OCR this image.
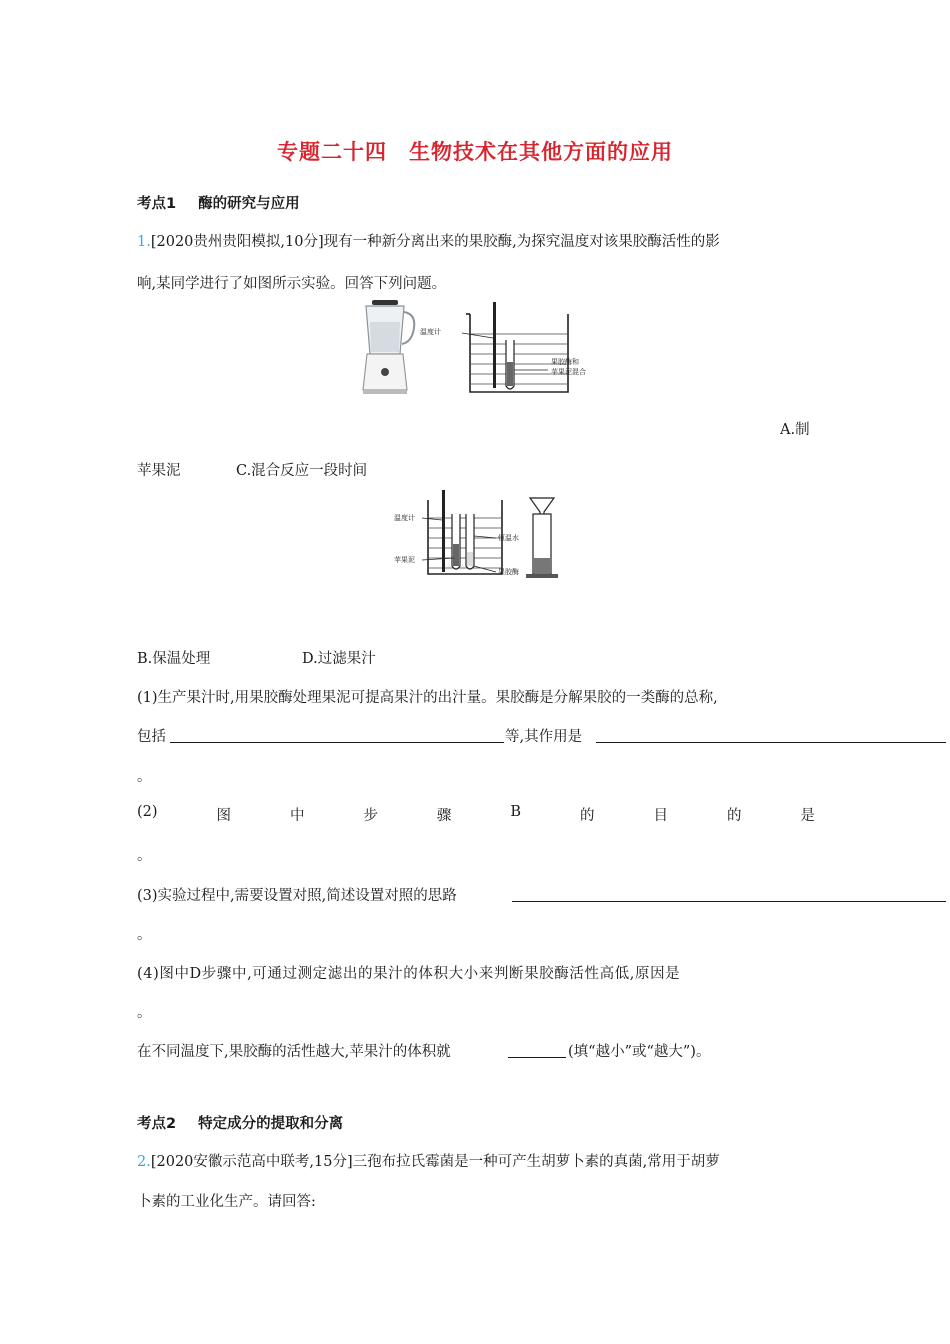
专题二十四　生物技术在其他方面的应用
考点1 酶的研究与应用
1.[2020贵州贵阳模拟,10分]现有一种新分离出来的果胶酶,为探究温度对该果胶酶活性的影
响,某同学进行了如图所示实验。回答下列问题。
温度计
果胶酶和
苹果泥混合
A.制
苹果泥	C.混合反应一段时间
温度计
苹果泥
恒温水
果胶酶
B.保温处理	D.过滤果汁
(1)生产果汁时,用果胶酶处理果泥可提高果汁的出汁量。果胶酶是分解果胶的一类酶的总称,
包括	等,其作用是
。
(2)	图	中	步	骤	B	的	目	的	是
。
(3)实验过程中,需要设置对照,简述设置对照的思路
。
(4)图中D步骤中,可通过测定滤出的果汁的体积大小来判断果胶酶活性高低,原因是
。
在不同温度下,果胶酶的活性越大,苹果汁的体积就	(填“越小”或“越大”)。
考点2 特定成分的提取和分离
2.[2020安徽示范高中联考,15分]三孢布拉氏霉菌是一种可产生胡萝卜素的真菌,常用于胡萝
卜素的工业化生产。请回答:
